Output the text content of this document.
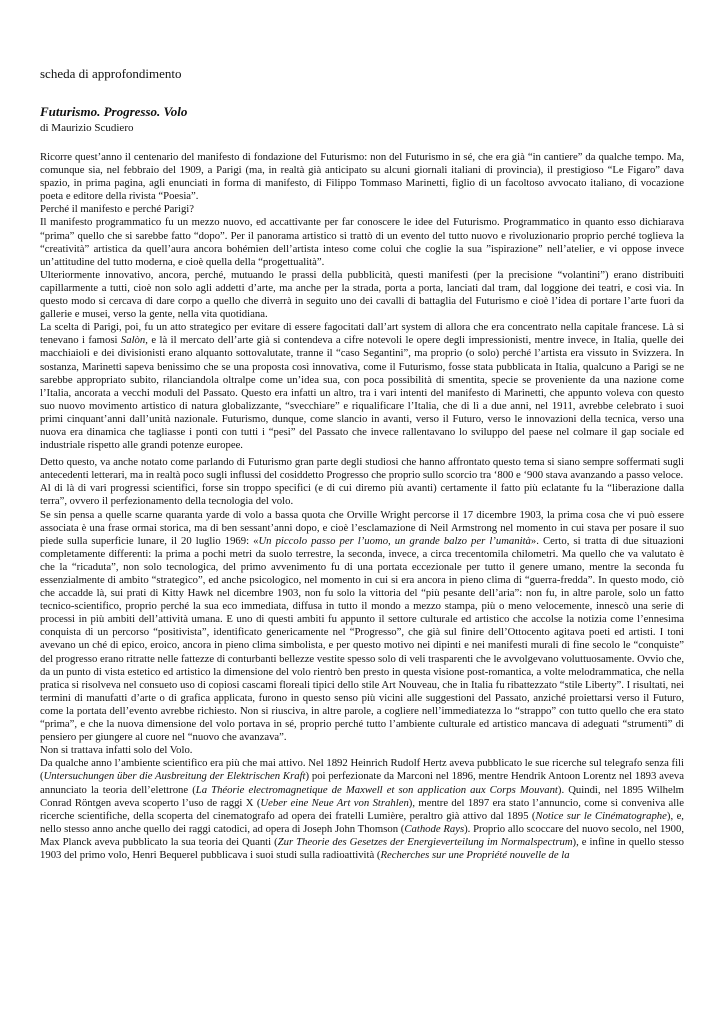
scheda di approfondimento
Futurismo. Progresso. Volo
di Maurizio Scudiero

Ricorre quest’anno il centenario del manifesto di fondazione del Futurismo: non del Futurismo in sé, che era già “in cantiere” da qualche tempo. Ma, comunque sia, nel febbraio del 1909, a Parigi (ma, in realtà già anticipato su alcuni giornali italiani di provincia), il prestigioso “Le Figaro” dava spazio, in prima pagina, agli enunciati in forma di manifesto, di Filippo Tommaso Marinetti, figlio di un facoltoso avvocato italiano, di vocazione poeta e editore della rivista “Poesia”.

Perché il manifesto e perché Parigi?

Il manifesto programmatico fu un mezzo nuovo, ed accattivante per far conoscere le idee del Futurismo. Programmatico in quanto esso dichiarava “prima” quello che si sarebbe fatto “dopo”. Per il panorama artistico si trattò di un evento del tutto nuovo e rivoluzionario proprio perché toglieva la “creatività” artistica da quell’aura ancora bohémien dell’artista inteso come colui che coglie la sua ”ispirazione” nell’atelier, e vi oppose invece un’attitudine del tutto moderna, e cioè quella della “progettualità”.

Ulteriormente innovativo, ancora, perché, mutuando le prassi della pubblicità, questi manifesti (per la precisione “volantini”) erano distribuiti capillarmente a tutti, cioè non solo agli addetti d’arte, ma anche per la strada, porta a porta, lanciati dal tram, dal loggione dei teatri, e così via. In questo modo si cercava di dare corpo a quello che diverrà in seguito uno dei cavalli di battaglia del Futurismo e cioè l’idea di portare l’arte fuori da gallerie e musei, verso la gente, nella vita quotidiana.

La scelta di Parigi, poi, fu un atto strategico per evitare di essere fagocitati dall’art system di allora che era concentrato nella capitale francese. Là si tenevano i famosi Salòn, e là il mercato dell’arte già si contendeva a cifre notevoli le opere degli impressionisti, mentre invece, in Italia, quelle dei macchiaioli e dei divisionisti erano alquanto sottovalutate, tranne il “caso Segantini”, ma proprio (o solo) perché l’artista era vissuto in Svizzera. In sostanza, Marinetti sapeva benissimo che se una proposta così innovativa, come il Futurismo, fosse stata pubblicata in Italia, qualcuno a Parigi se ne sarebbe appropriato subito, rilanciandola oltralpe come un’idea sua, con poca possibilità di smentita, specie se proveniente da una nazione come l’Italia, ancorata a vecchi moduli del Passato. Questo era infatti un altro, tra i vari intenti del manifesto di Marinetti, che appunto voleva con questo suo nuovo movimento artistico di natura globalizzante, “svecchiare” e riqualificare l’Italia, che di lì a due anni, nel 1911, avrebbe celebrato i suoi primi cinquant’anni dall’unità nazionale. Futurismo, dunque, come slancio in avanti, verso il Futuro, verso le innovazioni della tecnica, verso una nuova era dinamica che tagliasse i ponti con tutti i “pesi” del Passato che invece rallentavano lo sviluppo del paese nel colmare il gap sociale ed industriale rispetto alle grandi potenze europee.

Detto questo, va anche notato come parlando di Futurismo gran parte degli studiosi che hanno affrontato questo tema si siano sempre soffermati sugli antecedenti letterari, ma in realtà poco sugli influssi del cosiddetto Progresso che proprio sullo scorcio tra ‘800 e ‘900 stava avanzando a passo veloce.

Al di là di vari progressi scientifici, forse sin troppo specifici (e di cui diremo più avanti) certamente il fatto più eclatante fu la “liberazione dalla terra”, ovvero il perfezionamento della tecnologia del volo.

Se sin pensa a quelle scarne quaranta yarde di volo a bassa quota che Orville Wright percorse il 17 dicembre 1903, la prima cosa che vi può essere associata è una frase ormai storica, ma di ben sessant’anni dopo, e cioè l’esclamazione di Neil Armstrong nel momento in cui stava per posare il suo piede sulla superficie lunare, il 20 luglio 1969: «Un piccolo passo per l’uomo, un grande balzo per l’umanità». Certo, si tratta di due situazioni completamente differenti: la prima a pochi metri da suolo terrestre, la seconda, invece, a circa trecentomila chilometri. Ma quello che va valutato è che la “ricaduta”, non solo tecnologica, del primo avvenimento fu di una portata eccezionale per tutto il genere umano, mentre la seconda fu essenzialmente di ambito “strategico”, ed anche psicologico, nel momento in cui si era ancora in pieno clima di “guerra-fredda”. In questo modo, ciò che accadde là, sui prati di Kitty Hawk nel dicembre 1903, non fu solo la vittoria del “più pesante dell’aria”: non fu, in altre parole, solo un fatto tecnico-scientifico, proprio perché la sua eco immediata, diffusa in tutto il mondo a mezzo stampa, più o meno velocemente, innescò una serie di processi in più ambiti dell’attività umana. E uno di questi ambiti fu appunto il settore culturale ed artistico che accolse la notizia come l’ennesima conquista di un percorso “positivista”, identificato genericamente nel “Progresso”, che già sul finire dell’Ottocento agitava poeti ed artisti. I toni avevano un ché di epico, eroico, ancora in pieno clima simbolista, e per questo motivo nei dipinti e nei manifesti murali di fine secolo le “conquiste” del progresso erano ritratte nelle fattezze di conturbanti bellezze vestite spesso solo di veli trasparenti che le avvolgevano voluttuosamente. Ovvio che, da un punto di vista estetico ed artistico la dimensione del volo rientrò ben presto in questa visione post-romantica, a volte melodrammatica, che nella pratica si risolveva nel consueto uso di copiosi cascami floreali tipici dello stile Art Nouveau, che in Italia fu ribattezzato “stile Liberty”. I risultati, nei termini di manufatti d’arte o di grafica applicata, furono in questo senso più vicini alle suggestioni del Passato, anziché proiettarsi verso il Futuro, come la portata dell’evento avrebbe richiesto. Non si riusciva, in altre parole, a cogliere nell’immediatezza lo “strappo” con tutto quello che era stato “prima”, e che la nuova dimensione del volo portava in sé, proprio perché tutto l’ambiente culturale ed artistico mancava di adeguati “strumenti” di pensiero per giungere al cuore nel “nuovo che avanzava”.

Non si trattava infatti solo del Volo.

Da qualche anno l’ambiente scientifico era più che mai attivo. Nel 1892 Heinrich Rudolf Hertz aveva pubblicato le sue ricerche sul telegrafo senza fili (Untersuchungen über die Ausbreitung der Elektrischen Kraft) poi perfezionate da Marconi nel 1896, mentre Hendrik Antoon Lorentz nel 1893 aveva annunciato la teoria dell’elettrone (La Théorie electromagnetique de Maxwell et son application aux Corps Mouvant). Quindi, nel 1895 Wilhelm Conrad Röntgen aveva scoperto l’uso de raggi X (Ueber eine Neue Art von Strahlen), mentre del 1897 era stato l’annuncio, come si conveniva alle ricerche scientifiche, della scoperta del cinematografo ad opera dei fratelli Lumière, peraltro già attivo dal 1895 (Notice sur le Cinématographe), e, nello stesso anno anche quello dei raggi catodici, ad opera di Joseph John Thomson (Cathode Rays). Proprio allo scoccare del nuovo secolo, nel 1900, Max Planck aveva pubblicato la sua teoria dei Quanti (Zur Theorie des Gesetzes der Energieverteilung im Normalspectrum), e infine in quello stesso 1903 del primo volo, Henri Bequerel pubblicava i suoi studi sulla radioattività (Recherches sur une Propriété nouvelle de la
